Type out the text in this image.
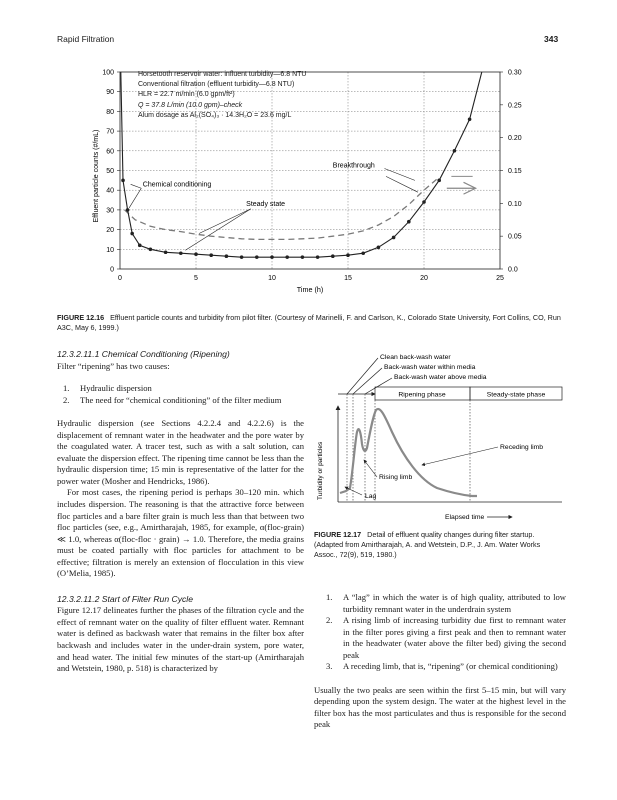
Rapid Filtration	343
0
10
20
30
40
50
60
70
80
90
100
0	5	10	15	20	25
0.0
0.05
0.10
0.15
0.20
0.25
0.30
Time (h)
Effluent particle counts (#/mL)	Chemical conditioning
Steady state
Breakthrough
Horsetooth reservoir water: influent turbidity—6.8 NTU
Conventional filtration (effluent turbidity—6.8 NTU)
HLR = 22.7 m/min (6.0 gpm/ft²)
Q = 37.8 L/min (10.0 gpm)–check
Alum dosage as Al₂(SO₄)₃ · 14.3H₂O = 23.6 mg/L
FIGURE 12.16 Effluent particle counts and turbidity from pilot filter. (Courtesy of Marinelli, F. and Carlson, K., Colorado State University, Fort Collins, CO, Run A3C, May 6, 1999.)
12.3.2.11.1 Chemical Conditioning (Ripening)

Filter “ripening” has two causes:

1. Hydraulic dispersion
2. The need for “chemical conditioning” of the filter medium

Hydraulic dispersion (see Sections 4.2.2.4 and 4.2.2.6) is the displacement of remnant water in the headwater and the pore water by the coagulated water. A tracer test, such as with a salt solution, can evaluate the dispersion effect. The ripening time cannot be less than the hydraulic dispersion time; 15 min is representative of the latter for the power water (Mosher and Hendricks, 1986).

For most cases, the ripening period is perhaps 30–120 min. which includes dispersion. The reasoning is that the attractive force between floc particles and a bare filter grain is much less than that between two floc particles (see, e.g., Amirtharajah, 1985, for example, α(floc-grain) ≪ 1.0, whereas α(floc-floc · grain) → 1.0. Therefore, the media grains must be coated partially with floc particles for attachment to be effective; filtration is merely an extension of flocculation in this view (O’Melia, 1985).

12.3.2.11.2 Start of Filter Run Cycle

Figure 12.17 delineates further the phases of the filtration cycle and the effect of remnant water on the quality of filter effluent water. Remnant water is defined as backwash water that remains in the filter box after backwash and includes water in the under-drain system, pore water, and head water. The initial few minutes of the start-up (Amirtharajah and Wetstein, 1980, p. 518) is characterized by

Clean back-wash water
Back-wash water within media
Back-wash water above media
Ripening phase	Steady-state phase
Turbidity or particles
Elapsed time
Receding limb
Rising limb
Lag
FIGURE 12.17 Detail of effluent quality changes during filter startup. (Adapted from Amirtharajah, A. and Wetstein, D.P., J. Am. Water Works Assoc., 72(9), 519, 1980.)
1. A “lag” in which the water is of high quality, attributed to low turbidity remnant water in the underdrain system
2. A rising limb of increasing turbidity due first to remnant water in the filter pores giving a first peak and then to remnant water in the headwater (water above the filter bed) giving the second peak
3. A receding limb, that is, “ripening” (or chemical conditioning)

Usually the two peaks are seen within the first 5–15 min, but will vary depending upon the system design. The water at the highest level in the filter box has the most particulates and thus is responsible for the second peak
